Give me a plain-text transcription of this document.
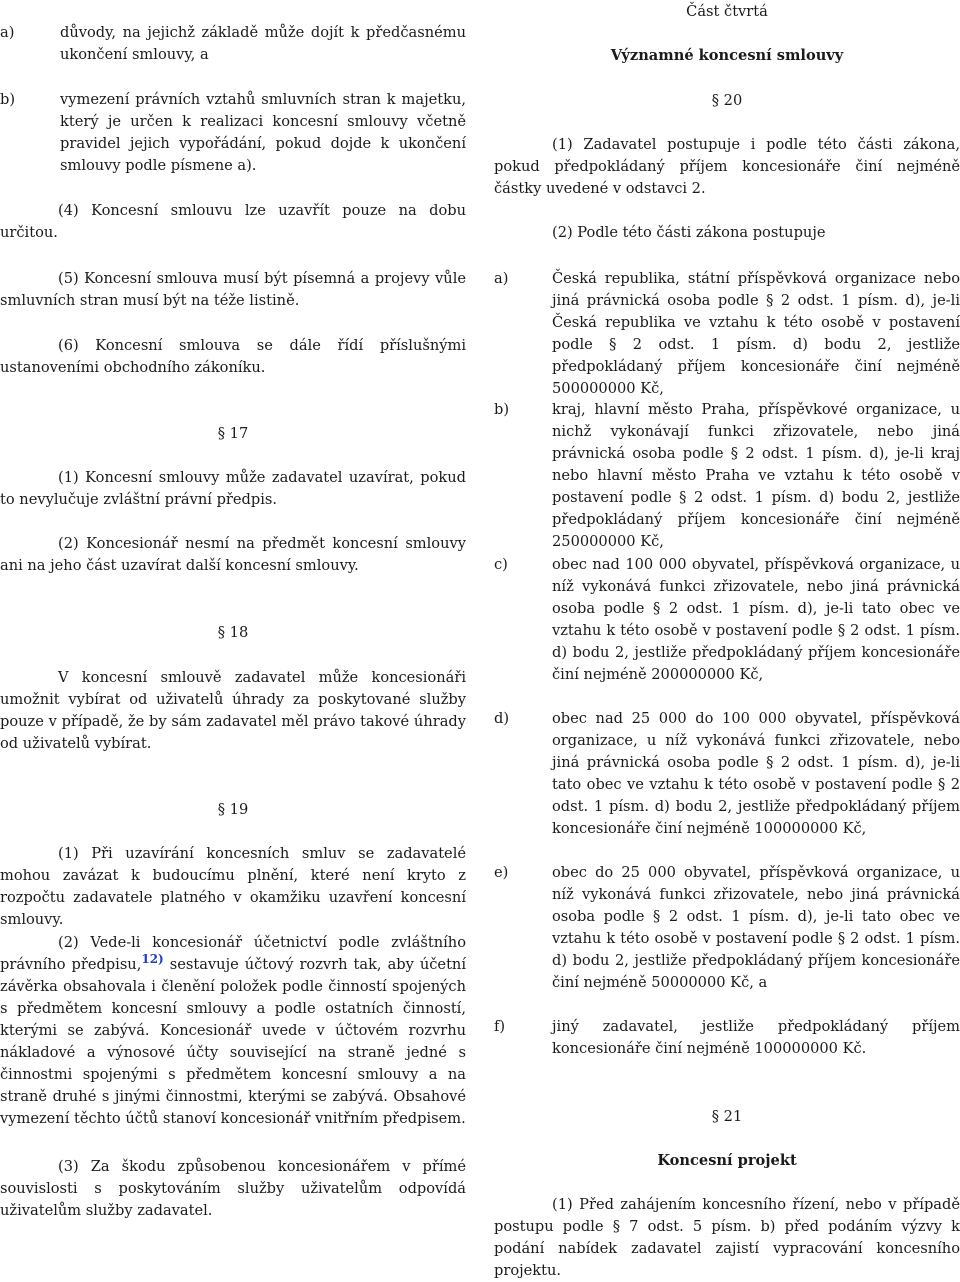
a)	důvody, na jejichž základě může dojít k předčasnému ukončení smlouvy, a
b)	vymezení právních vztahů smluvních stran k majetku, který je určen k realizaci koncesní smlouvy včetně pravidel jejich vypořádání, pokud dojde k ukončení smlouvy podle písmene a).

(4) Koncesní smlouvu lze uzavřít pouze na dobu určitou.

(5) Koncesní smlouva musí být písemná a projevy vůle smluvních stran musí být na téže listině.

(6) Koncesní smlouva se dále řídí příslušnými ustanoveními obchodního zákoníku.

§ 17

(1) Koncesní smlouvy může zadavatel uzavírat, pokud to nevylučuje zvláštní právní předpis.

(2) Koncesionář nesmí na předmět koncesní smlouvy ani na jeho část uzavírat další koncesní smlouvy.

§ 18

V koncesní smlouvě zadavatel může koncesionáři umožnit vybírat od uživatelů úhrady za poskytované služby pouze v případě, že by sám zadavatel měl právo takové úhrady od uživatelů vybírat.

§ 19

(1) Při uzavírání koncesních smluv se zadavatelé mohou zavázat k budoucímu plnění, které není kryto z rozpočtu zadavatele platného v okamžiku uzavření koncesní smlouvy.

(2) Vede-li koncesionář účetnictví podle zvláštního právního předpisu,$^{12)}$ sestavuje účtový rozvrh tak, aby účetní závěrka obsahovala i členění položek podle činností spojených s předmětem koncesní smlouvy a podle ostatních činností, kterými se zabývá. Koncesionář uvede v účtovém rozvrhu nákladové a výnosové účty související na straně jedné s činnostmi spojenými s předmětem koncesní smlouvy a na straně druhé s jinými činnostmi, kterými se zabývá. Obsahové vymezení těchto účtů stanoví koncesionář vnitřním předpisem.

(3) Za škodu způsobenou koncesionářem v přímé souvislosti s poskytováním služby uživatelům odpovídá uživatelům služby zadavatel.

Část čtvrtá
Významné koncesní smlouvy
§ 20

(1) Zadavatel postupuje i podle této části zákona, pokud předpokládaný příjem koncesionáře činí nejméně částky uvedené v odstavci 2.

(2) Podle této části zákona postupuje

a)	Česká republika, státní příspěvková organizace nebo jiná právnická osoba podle § 2 odst. 1 písm. d), je-li Česká republika ve vztahu k této osobě v postavení podle § 2 odst. 1 písm. d) bodu 2, jestliže předpokládaný příjem koncesionáře činí nejméně 500000000 Kč,
b)	kraj, hlavní město Praha, příspěvkové organizace, u nichž vykonávají funkci zřizovatele, nebo jiná právnická osoba podle § 2 odst. 1 písm. d), je-li kraj nebo hlavní město Praha ve vztahu k této osobě v postavení podle § 2 odst. 1 písm. d) bodu 2, jestliže předpokládaný příjem koncesionáře činí nejméně 250000000 Kč,
c)	obec nad 100 000 obyvatel, příspěvková organizace, u níž vykonává funkci zřizovatele, nebo jiná právnická osoba podle § 2 odst. 1 písm. d), je-li tato obec ve vztahu k této osobě v postavení podle § 2 odst. 1 písm. d) bodu 2, jestliže předpokládaný příjem koncesionáře činí nejméně 200000000 Kč,
d)	obec nad 25 000 do 100 000 obyvatel, příspěvková organizace, u níž vykonává funkci zřizovatele, nebo jiná právnická osoba podle § 2 odst. 1 písm. d), je-li tato obec ve vztahu k této osobě v postavení podle § 2 odst. 1 písm. d) bodu 2, jestliže předpokládaný příjem koncesionáře činí nejméně 100000000 Kč,
e)	obec do 25 000 obyvatel, příspěvková organizace, u níž vykonává funkci zřizovatele, nebo jiná právnická osoba podle § 2 odst. 1 písm. d), je-li tato obec ve vztahu k této osobě v postavení podle § 2 odst. 1 písm. d) bodu 2, jestliže předpokládaný příjem koncesionáře činí nejméně 50000000 Kč, a
f)	jiný zadavatel, jestliže předpokládaný příjem koncesionáře činí nejméně 100000000 Kč.
§ 21
Koncesní projekt

(1) Před zahájením koncesního řízení, nebo v případě postupu podle § 7 odst. 5 písm. b) před podáním výzvy k podání nabídek zadavatel zajistí vypracování koncesního projektu.
